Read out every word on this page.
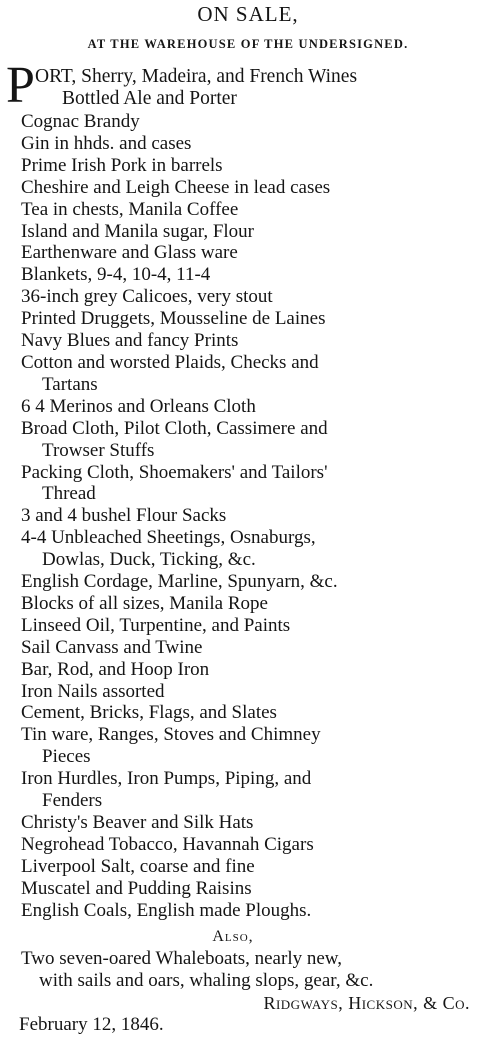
ON SALE,
AT THE WAREHOUSE OF THE UNDERSIGNED.
P ORT, Sherry, Madeira, and French Wines
Bottled Ale and Porter
Cognac Brandy
Gin in hhds. and cases
Prime Irish Pork in barrels
Cheshire and Leigh Cheese in lead cases
Tea in chests, Manila Coffee
Island and Manila sugar, Flour
Earthenware and Glass ware
Blankets, 9-4, 10-4, 11-4
36-inch grey Calicoes, very stout
Printed Druggets, Mousseline de Laines
Navy Blues and fancy Prints
Cotton and worsted Plaids, Checks and
Tartans
6 4 Merinos and Orleans Cloth
Broad Cloth, Pilot Cloth, Cassimere and
Trowser Stuffs
Packing Cloth, Shoemakers' and Tailors'
Thread
3 and 4 bushel Flour Sacks
4-4 Unbleached Sheetings, Osnaburgs,
Dowlas, Duck, Ticking, &c.
English Cordage, Marline, Spunyarn, &c.
Blocks of all sizes, Manila Rope
Linseed Oil, Turpentine, and Paints
Sail Canvass and Twine
Bar, Rod, and Hoop Iron
Iron Nails assorted
Cement, Bricks, Flags, and Slates
Tin ware, Ranges, Stoves and Chimney
Pieces
Iron Hurdles, Iron Pumps, Piping, and
Fenders
Christy's Beaver and Silk Hats
Negrohead Tobacco, Havannah Cigars
Liverpool Salt, coarse and fine
Muscatel and Pudding Raisins
English Coals, English made Ploughs.
Also,
Two seven-oared Whaleboats, nearly new,
with sails and oars, whaling slops, gear, &c.
Ridgways, Hickson, & Co.
February 12, 1846.
